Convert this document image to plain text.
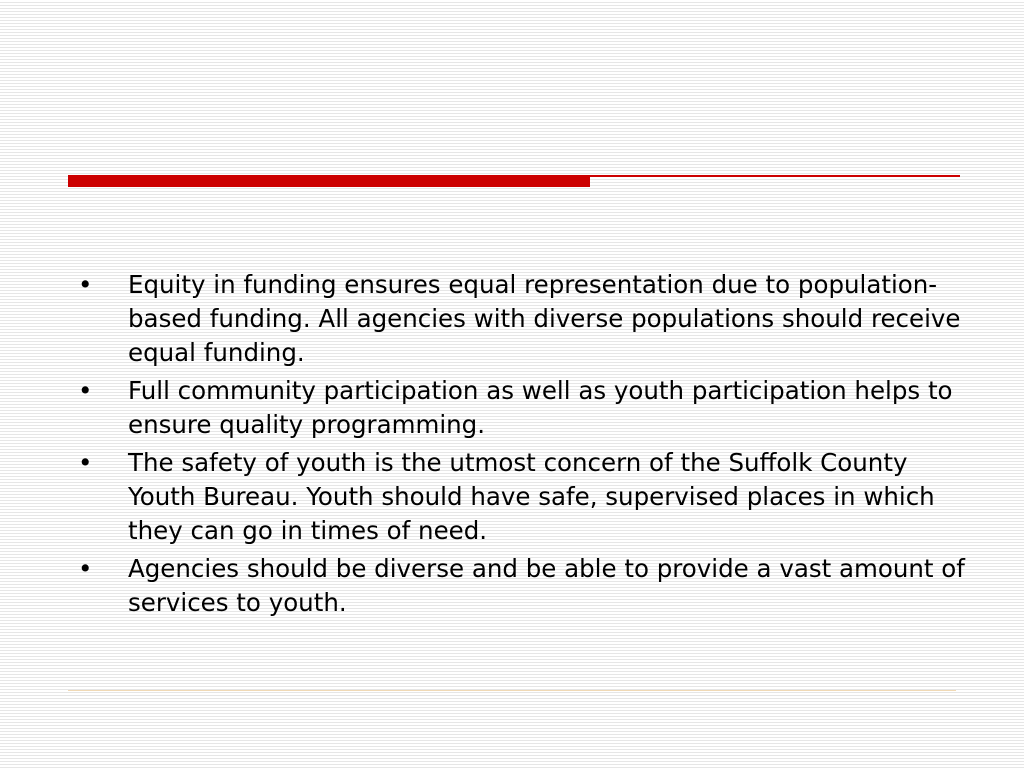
•	Equity in funding ensures equal representation due to population-based funding. All agencies with diverse populations should receive equal funding.
•	Full community participation as well as youth participation helps to ensure quality programming.
•	The safety of youth is the utmost concern of the Suffolk County Youth Bureau. Youth should have safe, supervised places in which they can go in times of need.
•	Agencies should be diverse and be able to provide a vast amount of services to youth.
